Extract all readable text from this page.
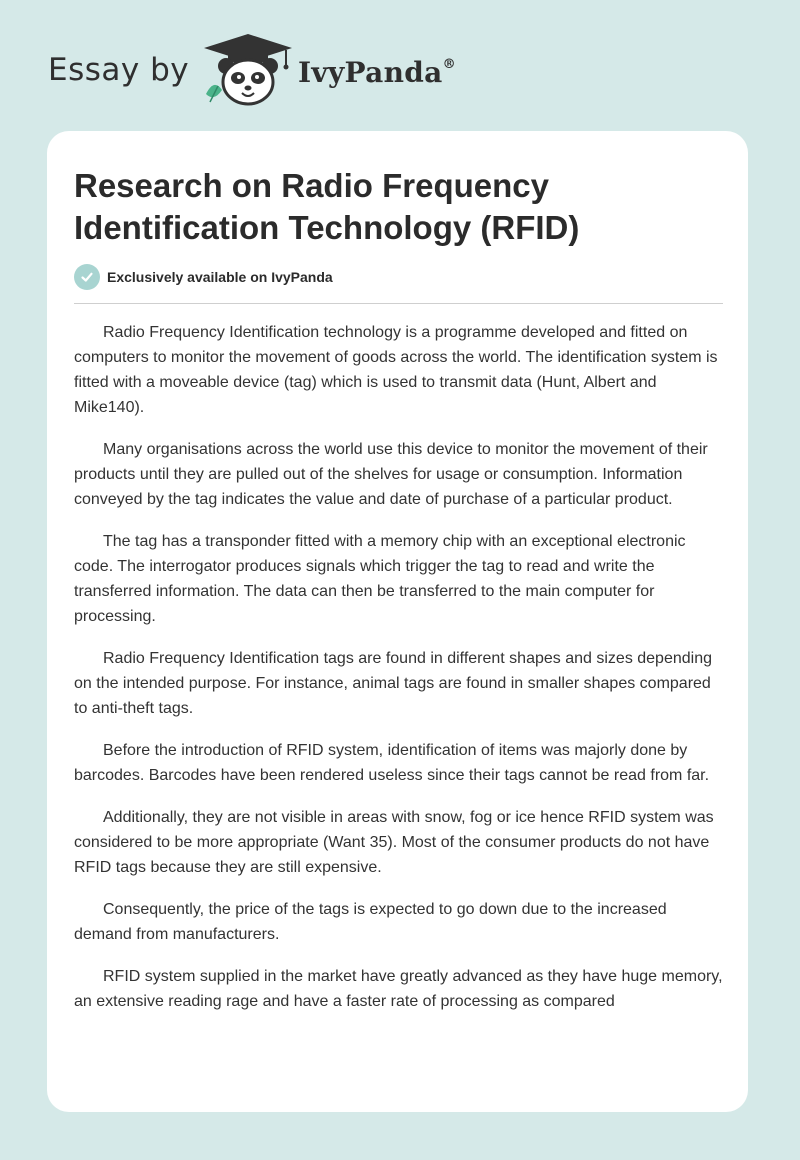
Essay by	IvyPanda®
Research on Radio Frequency Identification Technology (RFID)
Exclusively available on IvyPanda

Radio Frequency Identification technology is a programme developed and fitted on computers to monitor the movement of goods across the world. The identification system is fitted with a moveable device (tag) which is used to transmit data (Hunt, Albert and Mike140).

Many organisations across the world use this device to monitor the movement of their products until they are pulled out of the shelves for usage or consumption. Information conveyed by the tag indicates the value and date of purchase of a particular product.

The tag has a transponder fitted with a memory chip with an exceptional electronic code. The interrogator produces signals which trigger the tag to read and write the transferred information. The data can then be transferred to the main computer for processing.

Radio Frequency Identification tags are found in different shapes and sizes depending on the intended purpose. For instance, animal tags are found in smaller shapes compared to anti-theft tags.

Before the introduction of RFID system, identification of items was majorly done by barcodes. Barcodes have been rendered useless since their tags cannot be read from far.

Additionally, they are not visible in areas with snow, fog or ice hence RFID system was considered to be more appropriate (Want 35). Most of the consumer products do not have RFID tags because they are still expensive.

Consequently, the price of the tags is expected to go down due to the increased demand from manufacturers.

RFID system supplied in the market have greatly advanced as they have huge memory, an extensive reading rage and have a faster rate of processing as compared
